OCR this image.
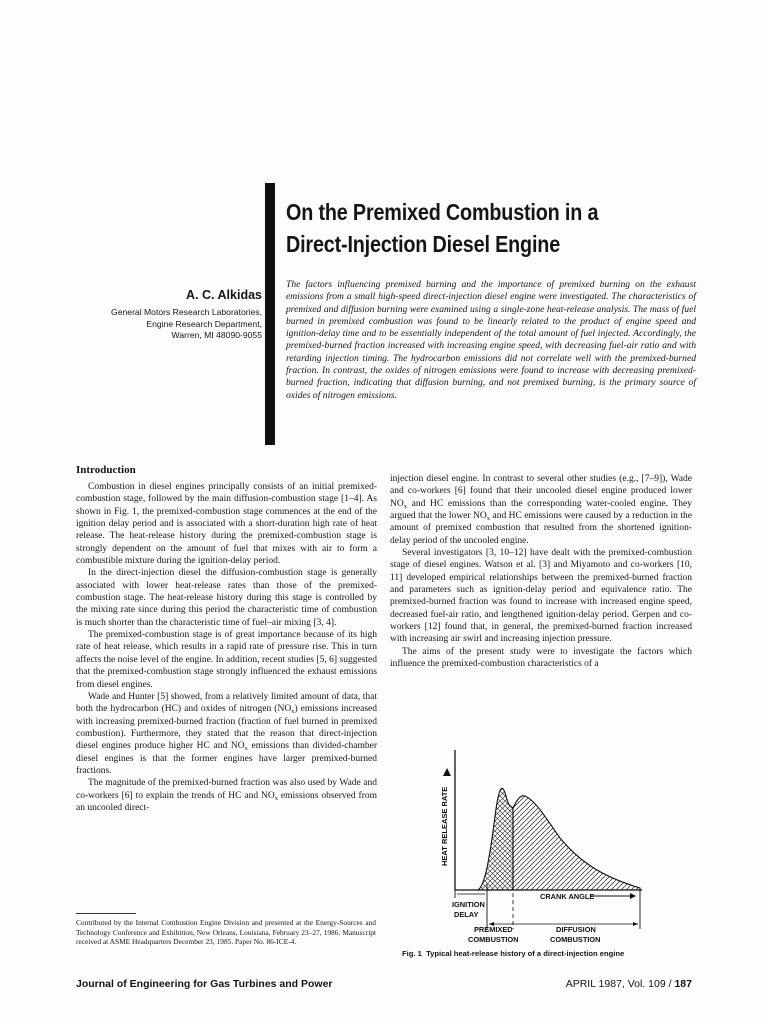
On the Premixed Combustion in a
Direct-Injection Diesel Engine
A. C. Alkidas
General Motors Research Laboratories,
Engine Research Department,
Warren, MI 48090-9055
The factors influencing premixed burning and the importance of premixed burning on the exhaust emissions from a small high-speed direct-injection diesel engine were investigated. The characteristics of premixed and diffusion burning were examined using a single-zone heat-release analysis. The mass of fuel burned in premixed combustion was found to be linearly related to the product of engine speed and ignition-delay time and to be essentially independent of the total amount of fuel injected. Accordingly, the premixed-burned fraction increased with increasing engine speed, with decreasing fuel-air ratio and with retarding injection timing. The hydrocarbon emissions did not correlate well with the premixed-burned fraction. In contrast, the oxides of nitrogen emissions were found to increase with decreasing premixed-burned fraction, indicating that diffusion burning, and not premixed burning, is the primary source of oxides of nitrogen emissions.
Introduction

Combustion in diesel engines principally consists of an initial premixed-combustion stage, followed by the main diffusion-combustion stage [1–4]. As shown in Fig. 1, the premixed-combustion stage commences at the end of the ignition delay period and is associated with a short-duration high rate of heat release. The heat-release history during the premixed-combustion stage is strongly dependent on the amount of fuel that mixes with air to form a combustible mixture during the ignition-delay period.

In the direct-injection diesel the diffusion-combustion stage is generally associated with lower heat-release rates than those of the premixed-combustion stage. The heat-release history during this stage is controlled by the mixing rate since during this period the characteristic time of combustion is much shorter than the characteristic time of fuel–air mixing [3, 4].

The premixed-combustion stage is of great importance because of its high rate of heat release, which results in a rapid rate of pressure rise. This in turn affects the noise level of the engine. In addition, recent studies [5, 6] suggested that the premixed-combustion stage strongly influenced the exhaust emissions from diesel engines.

Wade and Hunter [5] showed, from a relatively limited amount of data, that both the hydrocarbon (HC) and oxides of nitrogen $(NO_x)$ emissions increased with increasing premixed-burned fraction (fraction of fuel burned in premixed combustion). Furthermore, they stated that the reason that direct-injection diesel engines produce higher HC and $NO_x$ emissions than divided-chamber diesel engines is that the former engines have larger premixed-burned fractions.

The magnitude of the premixed-burned fraction was also used by Wade and co-workers [6] to explain the trends of HC and $NO_x$ emissions observed from an uncooled direct-

injection diesel engine. In contrast to several other studies (e.g., [7–9]), Wade and co-workers [6] found that their uncooled diesel engine produced lower $NO_x$ and HC emissions than the corresponding water-cooled engine. They argued that the lower $NO_x$ and HC emissions were caused by a reduction in the amount of premixed combustion that resulted from the shortened ignition-delay period of the uncooled engine.

Several investigators [3, 10–12] have dealt with the premixed-combustion stage of diesel engines. Watson et al. [3] and Miyamoto and co-workers [10, 11] developed empirical relationships between the premixed-burned fraction and parameters such as ignition-delay period and equivalence ratio. The premixed-burned fraction was found to increase with increased engine speed, decreased fuel-air ratio, and lengthened ignition-delay period. Gerpen and co-workers [12] found that, in general, the premixed-burned fraction increased with increasing air swirl and increasing injection pressure.

The aims of the present study were to investigate the factors which influence the premixed-combustion characteristics of a

HEAT RELEASE RATE
CRANK ANGLE
IGNITION
DELAY
PREMIXED
COMBUSTION
DIFFUSION
COMBUSTION
Fig. 1 Typical heat-release history of a direct-injection engine
Contributed by the Internal Combustion Engine Division and presented at the Energy-Sources and Technology Conference and Exhibition, New Orleans, Louisiana, February 23–27, 1986. Manuscript received at ASME Headquarters December 23, 1985. Paper No. 86-ICE-4.
Journal of Engineering for Gas Turbines and Power	APRIL 1987, Vol. 109 / 187
